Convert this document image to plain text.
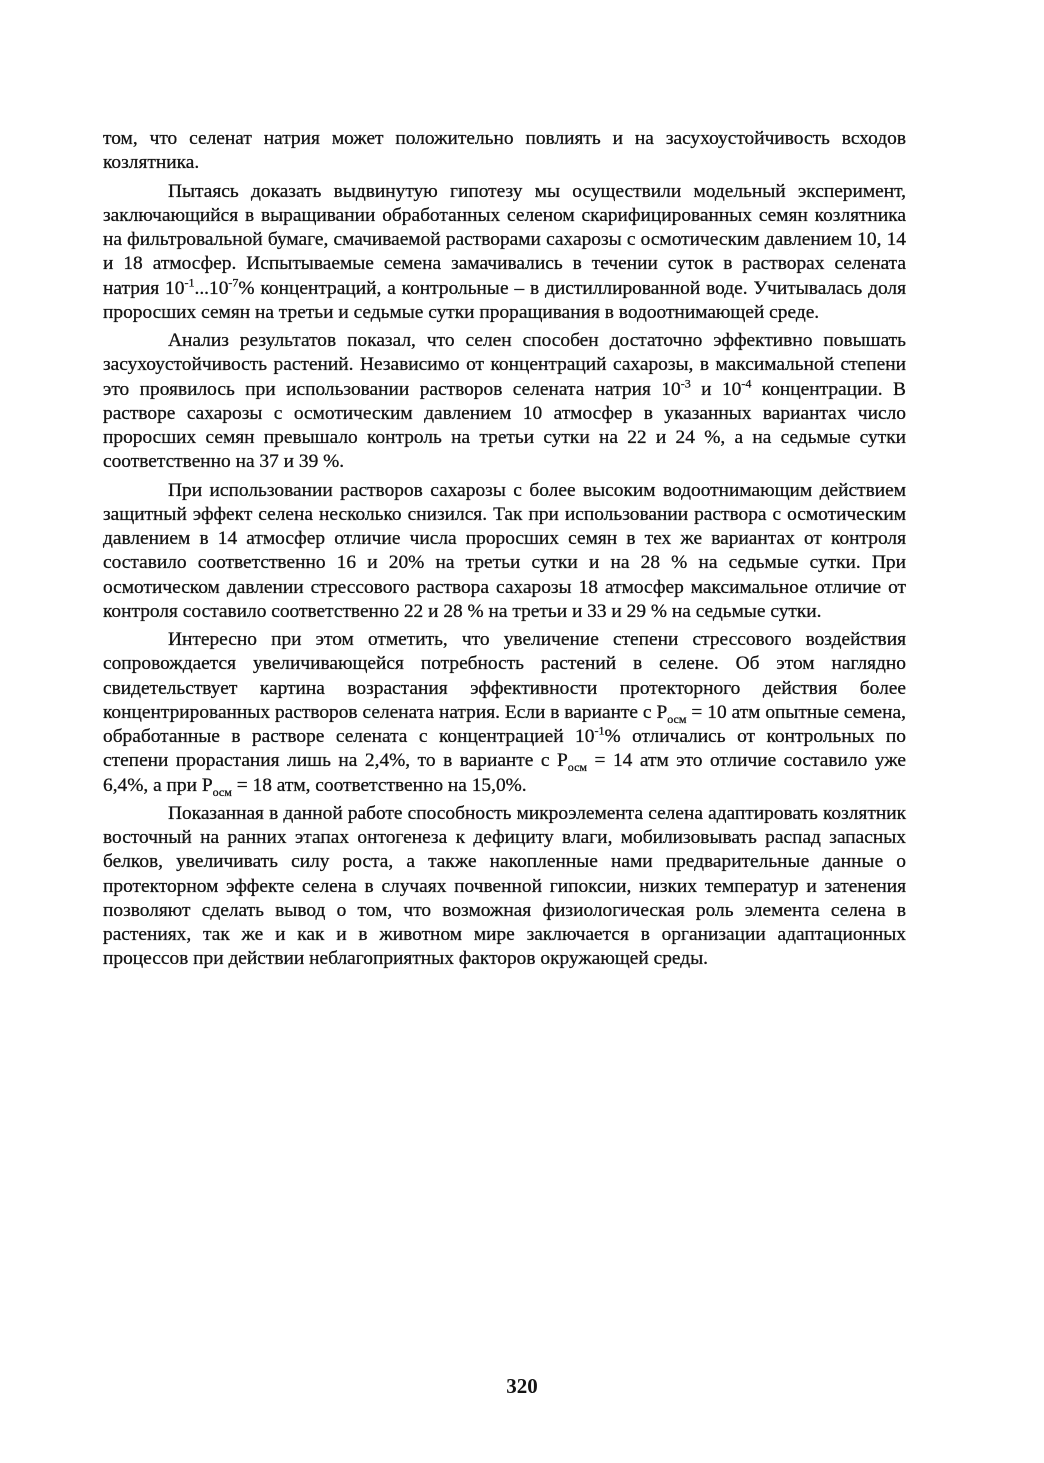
том, что селенат натрия может положительно повлиять и на засухоустойчивость всходов козлятника.

Пытаясь доказать выдвинутую гипотезу мы осуществили модельный эксперимент, заключающийся в выращивании обработанных селеном скарифицированных семян козлятника на фильтровальной бумаге, смачиваемой растворами сахарозы с осмотическим давлением 10, 14 и 18 атмосфер. Испытываемые семена замачивались в течении суток в растворах селената натрия $10^{-1}...10^{-7}\%$ концентраций, а контрольные – в дистиллированной воде. Учитывалась доля проросших семян на третьи и седьмые сутки проращивания в водоотнимающей среде.

Анализ результатов показал, что селен способен достаточно эффективно повышать засухоустойчивость растений. Независимо от концентраций сахарозы, в максимальной степени это проявилось при использовании растворов селената натрия $10^{-3}$ и $10^{-4}$ концентрации. В растворе сахарозы с осмотическим давлением 10 атмосфер в указанных вариантах число проросших семян превышало контроль на третьи сутки на 22 и 24 %, а на седьмые сутки соответственно на 37 и 39 %.

При использовании растворов сахарозы с более высоким водоотнимающим действием защитный эффект селена несколько снизился. Так при использовании раствора с осмотическим давлением в 14 атмосфер отличие числа проросших семян в тех же вариантах от контроля составило соответственно 16 и 20% на третьи сутки и на 28 % на седьмые сутки. При осмотическом давлении стрессового раствора сахарозы 18 атмосфер максимальное отличие от контроля составило соответственно 22 и 28 % на третьи и 33 и 29 % на седьмые сутки.

Интересно при этом отметить, что увеличение степени стрессового воздействия сопровождается увеличивающейся потребность растений в селене. Об этом наглядно свидетельствует картина возрастания эффективности протекторного действия более концентрированных растворов селената натрия. Если в варианте с $Р_{осм} = 10$ атм опытные семена, обработанные в растворе селената с концентрацией $10^{-1}\%$ отличались от контрольных по степени прорастания лишь на 2,4%, то в варианте с $Р_{осм} = 14$ атм это отличие составило уже 6,4%, а при $Р_{осм} = 18$ атм, соответственно на 15,0%.

Показанная в данной работе способность микроэлемента селена адаптировать козлятник восточный на ранних этапах онтогенеза к дефициту влаги, мобилизовывать распад запасных белков, увеличивать силу роста, а также накопленные нами предварительные данные о протекторном эффекте селена в случаях почвенной гипоксии, низких температур и затенения позволяют сделать вывод о том, что возможная физиологическая роль элемента селена в растениях, так же и как и в животном мире заключается в организации адаптационных процессов при действии неблагоприятных факторов окружающей среды.

320
